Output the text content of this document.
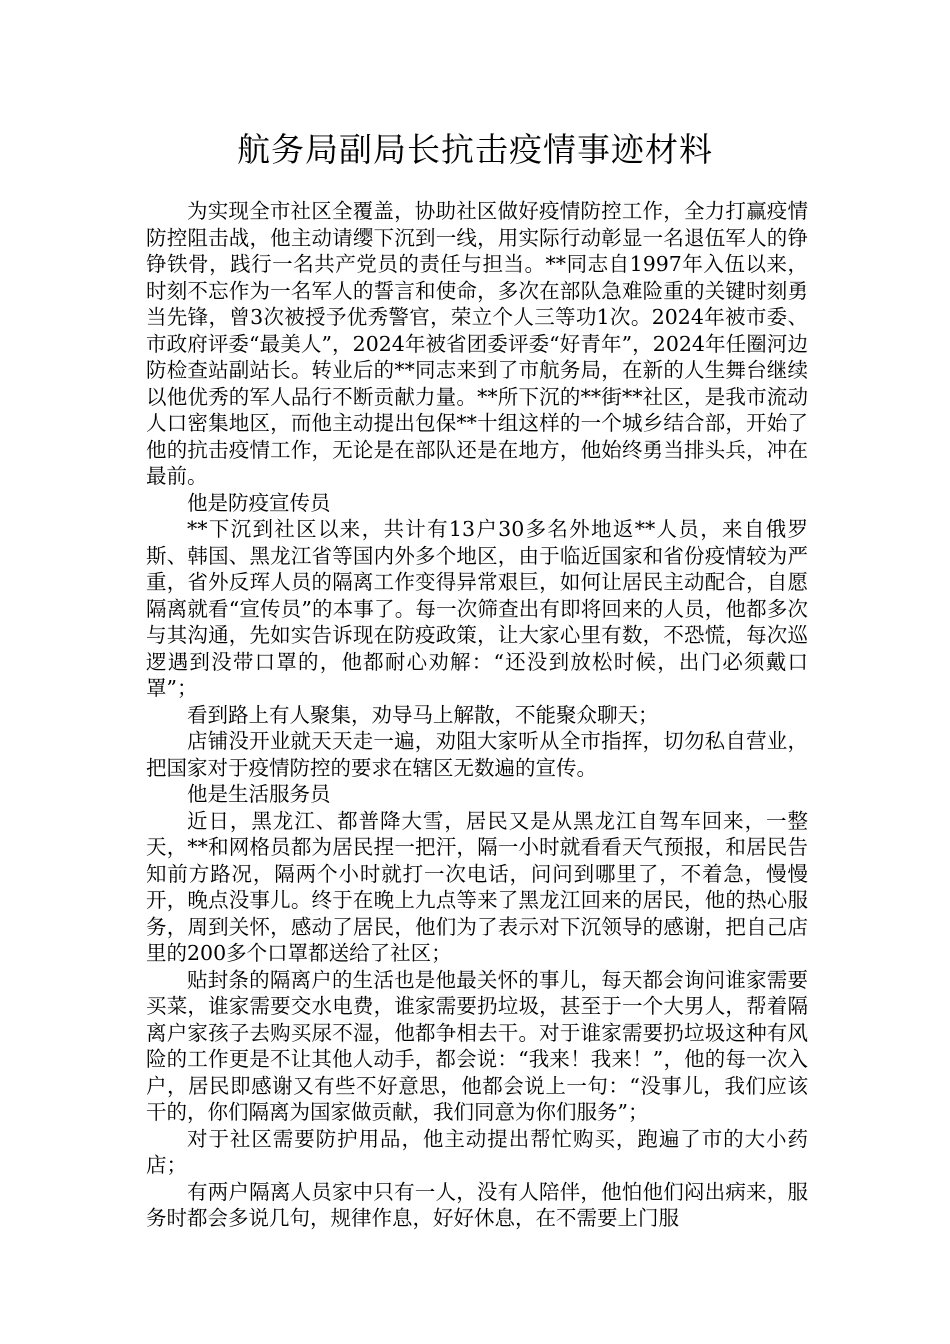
航务局副局长抗击疫情事迹材料

为实现全市社区全覆盖，协助社区做好疫情防控工作，全力打赢疫情防控阻击战，他主动请缨下沉到一线，用实际行动彰显一名退伍军人的铮铮铁骨，践行一名共产党员的责任与担当。**同志自1997年入伍以来，时刻不忘作为一名军人的誓言和使命，多次在部队急难险重的关键时刻勇当先锋，曾3次被授予优秀警官，荣立个人三等功1次。2024年被市委、市政府评委“最美人”，2024年被省团委评委“好青年”，2024年任圈河边防检查站副站长。转业后的**同志来到了市航务局，在新的人生舞台继续以他优秀的军人品行不断贡献力量。**所下沉的**街**社区，是我市流动人口密集地区，而他主动提出包保**十组这样的一个城乡结合部，开始了他的抗击疫情工作，无论是在部队还是在地方，他始终勇当排头兵，冲在最前。

他是防疫宣传员

**下沉到社区以来，共计有13户30多名外地返**人员，来自俄罗斯、韩国、黑龙江省等国内外多个地区，由于临近国家和省份疫情较为严重，省外反珲人员的隔离工作变得异常艰巨，如何让居民主动配合，自愿隔离就看“宣传员”的本事了。每一次筛查出有即将回来的人员，他都多次与其沟通，先如实告诉现在防疫政策，让大家心里有数，不恐慌，每次巡逻遇到没带口罩的，他都耐心劝解：“还没到放松时候，出门必须戴口罩”；

看到路上有人聚集，劝导马上解散，不能聚众聊天；

店铺没开业就天天走一遍，劝阻大家听从全市指挥，切勿私自营业，把国家对于疫情防控的要求在辖区无数遍的宣传。

他是生活服务员

近日，黑龙江、都普降大雪，居民又是从黑龙江自驾车回来，一整天，**和网格员都为居民捏一把汗，隔一小时就看看天气预报，和居民告知前方路况，隔两个小时就打一次电话，问问到哪里了，不着急，慢慢开，晚点没事儿。终于在晚上九点等来了黑龙江回来的居民，他的热心服务，周到关怀，感动了居民，他们为了表示对下沉领导的感谢，把自己店里的200多个口罩都送给了社区；

贴封条的隔离户的生活也是他最关怀的事儿，每天都会询问谁家需要买菜，谁家需要交水电费，谁家需要扔垃圾，甚至于一个大男人，帮着隔离户家孩子去购买尿不湿，他都争相去干。对于谁家需要扔垃圾这种有风险的工作更是不让其他人动手，都会说：“我来！我来！”，他的每一次入户，居民即感谢又有些不好意思，他都会说上一句：“没事儿，我们应该干的，你们隔离为国家做贡献，我们同意为你们服务”；

对于社区需要防护用品，他主动提出帮忙购买，跑遍了市的大小药店；

有两户隔离人员家中只有一人，没有人陪伴，他怕他们闷出病来，服务时都会多说几句，规律作息，好好休息，在不需要上门服
